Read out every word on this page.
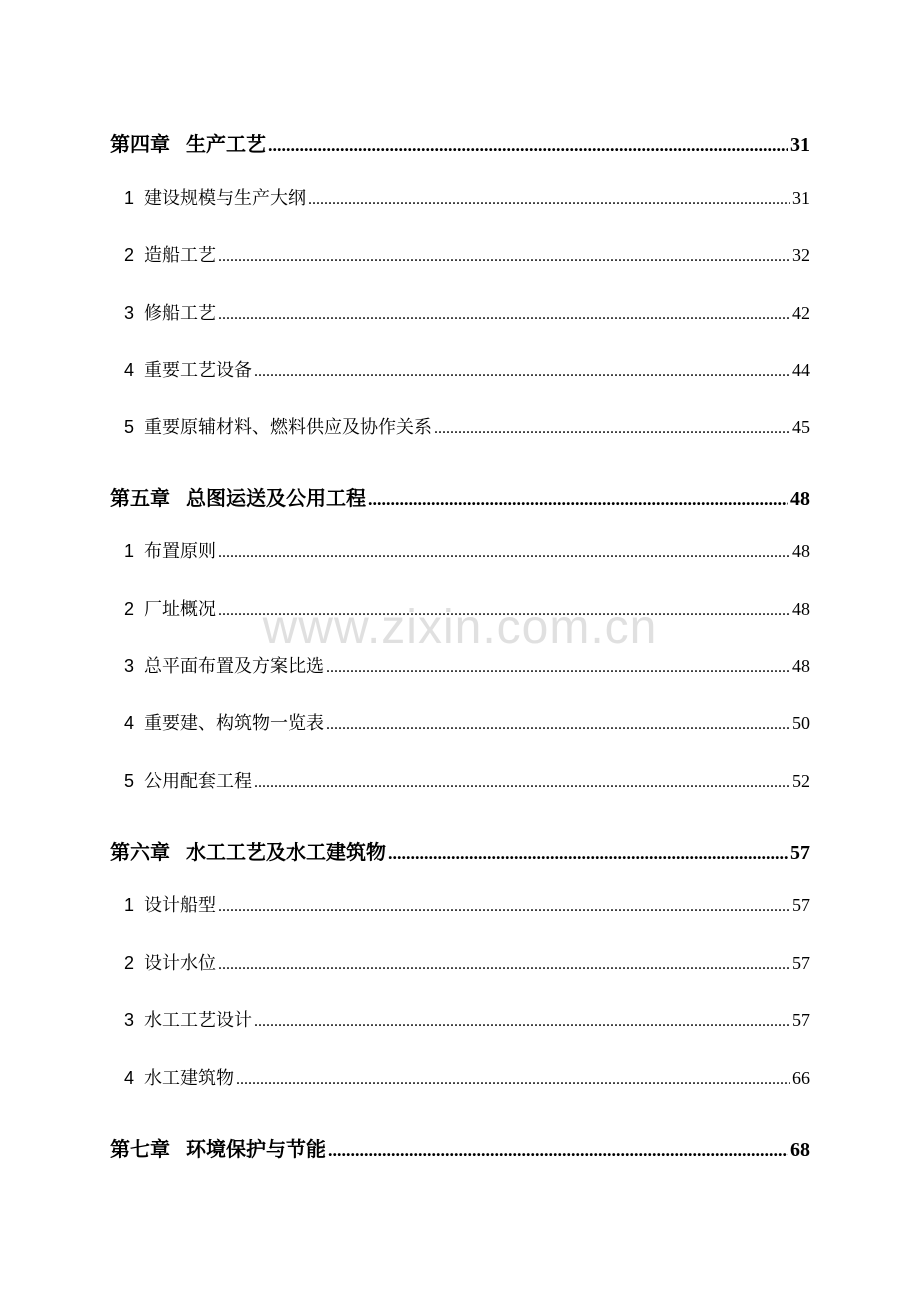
www.zixin.com.cn
第四章 生产工艺 .....	31
1 建设规模与生产大纲 .....	31
2 造船工艺 .....	32
3 修船工艺 .....	42
4 重要工艺设备 .....	44
5 重要原辅材料、燃料供应及协作关系 .....	45
第五章 总图运送及公用工程 .....	48
1 布置原则 .....	48
2 厂址概况 .....	48
3 总平面布置及方案比选 .....	48
4 重要建、构筑物一览表 .....	50
5 公用配套工程 .....	52
第六章 水工工艺及水工建筑物 .....	57
1 设计船型 .....	57
2 设计水位 .....	57
3 水工工艺设计 .....	57
4 水工建筑物 .....	66
第七章 环境保护与节能 .....	68
